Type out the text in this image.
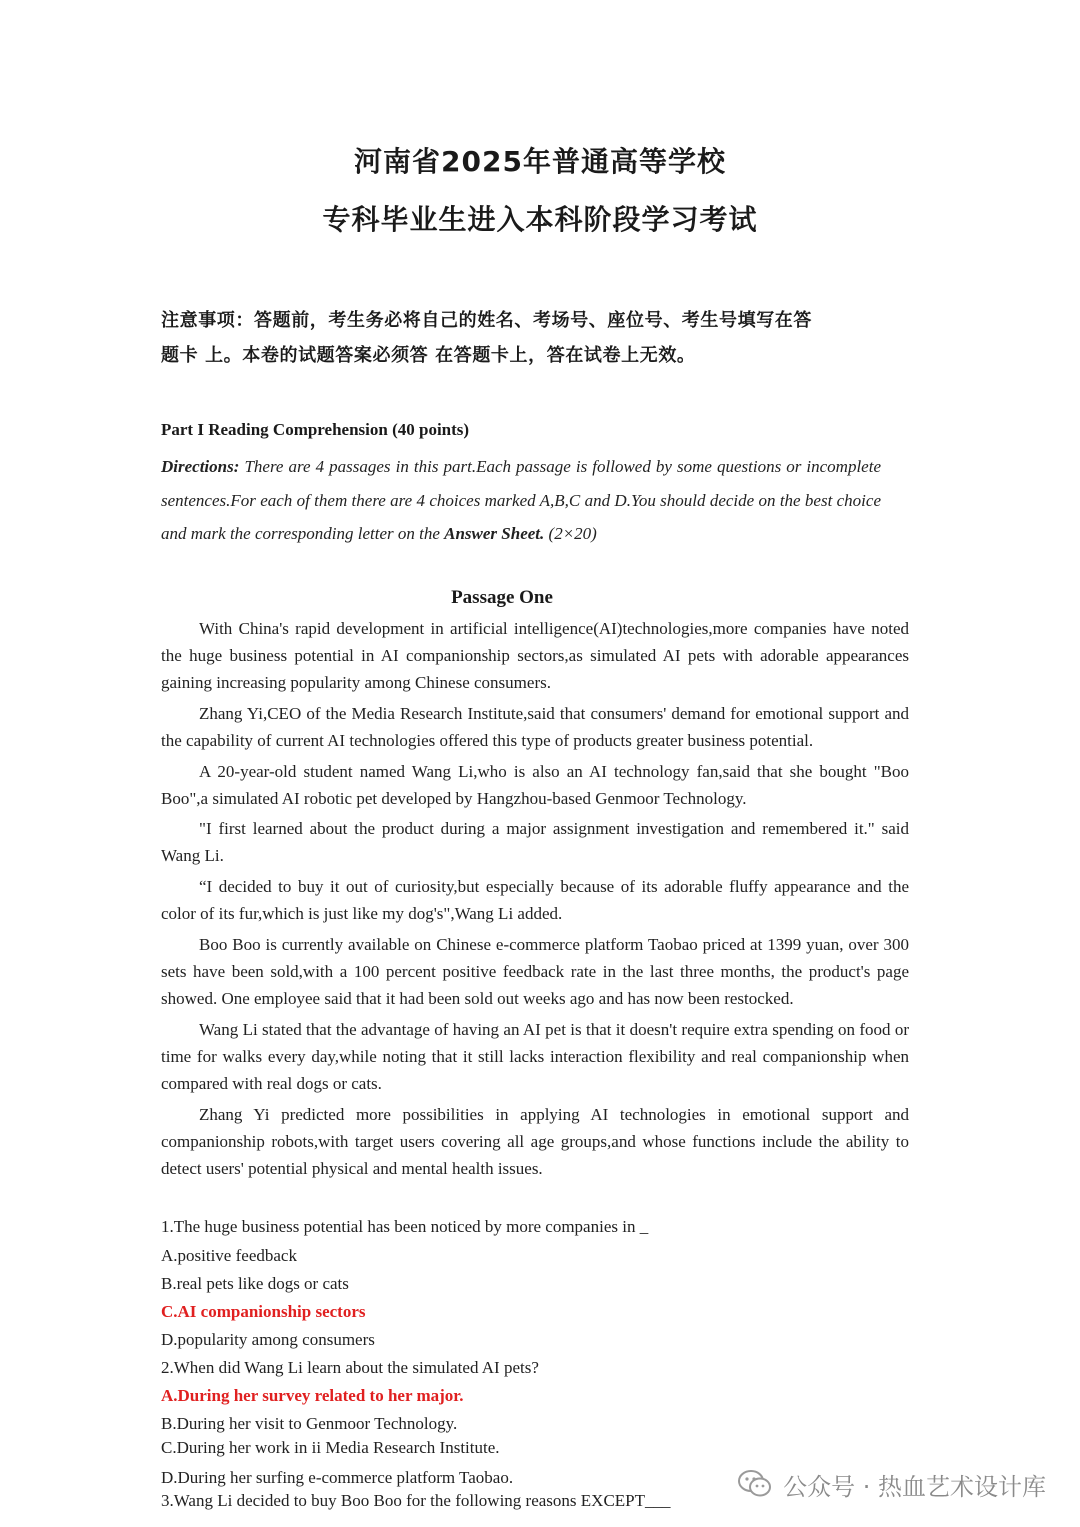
河南省2025年普通高等学校
专科毕业生进入本科阶段学习考试
注意事项：答题前，考生务必将自己的姓名、考场号、座位号、考生号填写在答
题卡 上。本卷的试题答案必须答 在答题卡上，答在试卷上无效。
Part I Reading Comprehension (40 points)
Directions: There are 4 passages in this part.Each passage is followed by some questions or incomplete sentences.For each of them there are 4 choices marked A,B,C and D.You should decide on the best choice and mark the corresponding letter on the Answer Sheet. (2×20)
Passage One
With China's rapid development in artificial intelligence(AI)technologies,more companies have noted the huge business potential in AI companionship sectors,as simulated AI pets with adorable appearances gaining increasing popularity among Chinese consumers.
Zhang Yi,CEO of the Media Research Institute,said that consumers' demand for emotional support and the capability of current AI technologies offered this type of products greater business potential.
A 20-year-old student named Wang Li,who is also an AI technology fan,said that she bought "Boo Boo",a simulated AI robotic pet developed by Hangzhou-based Genmoor Technology.
"I first learned about the product during a major assignment investigation and remembered it." said Wang Li.
“I decided to buy it out of curiosity,but especially because of its adorable fluffy appearance and the color of its fur,which is just like my dog's",Wang Li added.
Boo Boo is currently available on Chinese e-commerce platform Taobao priced at 1399 yuan, over 300 sets have been sold,with a 100 percent positive feedback rate in the last three months, the product's page showed. One employee said that it had been sold out weeks ago and has now been restocked.
Wang Li stated that the advantage of having an AI pet is that it doesn't require extra spending on food or time for walks every day,while noting that it still lacks interaction flexibility and real companionship when compared with real dogs or cats.
Zhang Yi predicted more possibilities in applying AI technologies in emotional support and companionship robots,with target users covering all age groups,and whose functions include the ability to detect users' potential physical and mental health issues.
1.The huge business potential has been noticed by more companies in _
A.positive feedback
B.real pets like dogs or cats
C.AI companionship sectors
D.popularity among consumers
2.When did Wang Li learn about the simulated AI pets?
A.During her survey related to her major.
B.During her visit to Genmoor Technology.
C.During her work in ii Media Research Institute.
D.During her surfing e-commerce platform Taobao.
3.Wang Li decided to buy Boo Boo for the following reasons EXCEPT___	公众号 · 热血艺术设计库
